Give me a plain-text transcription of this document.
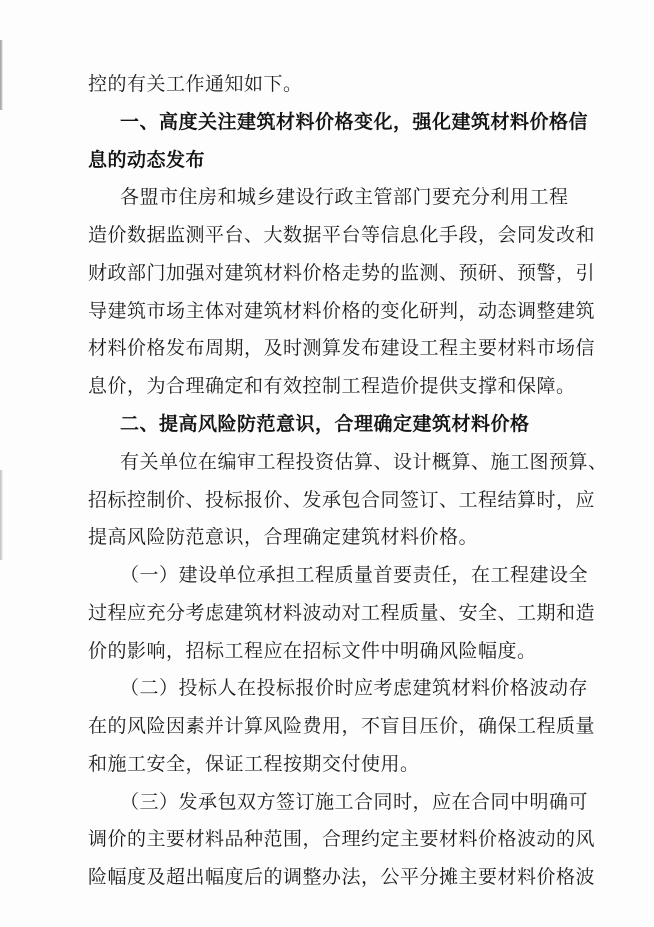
控的有关工作通知如下。
一、高度关注建筑材料价格变化，强化建筑材料价格信
息的动态发布
各盟市住房和城乡建设行政主管部门要充分利用工程
造价数据监测平台、大数据平台等信息化手段，会同发改和
财政部门加强对建筑材料价格走势的监测、预研、预警，引
导建筑市场主体对建筑材料价格的变化研判，动态调整建筑
材料价格发布周期，及时测算发布建设工程主要材料市场信
息价，为合理确定和有效控制工程造价提供支撑和保障。
二、提高风险防范意识，合理确定建筑材料价格
有关单位在编审工程投资估算、设计概算、施工图预算、
招标控制价、投标报价、发承包合同签订、工程结算时，应
提高风险防范意识，合理确定建筑材料价格。
（一）建设单位承担工程质量首要责任，在工程建设全
过程应充分考虑建筑材料波动对工程质量、安全、工期和造
价的影响，招标工程应在招标文件中明确风险幅度。
（二）投标人在投标报价时应考虑建筑材料价格波动存
在的风险因素并计算风险费用，不盲目压价，确保工程质量
和施工安全，保证工程按期交付使用。
（三）发承包双方签订施工合同时，应在合同中明确可
调价的主要材料品种范围，合理约定主要材料价格波动的风
险幅度及超出幅度后的调整办法，公平分摊主要材料价格波
